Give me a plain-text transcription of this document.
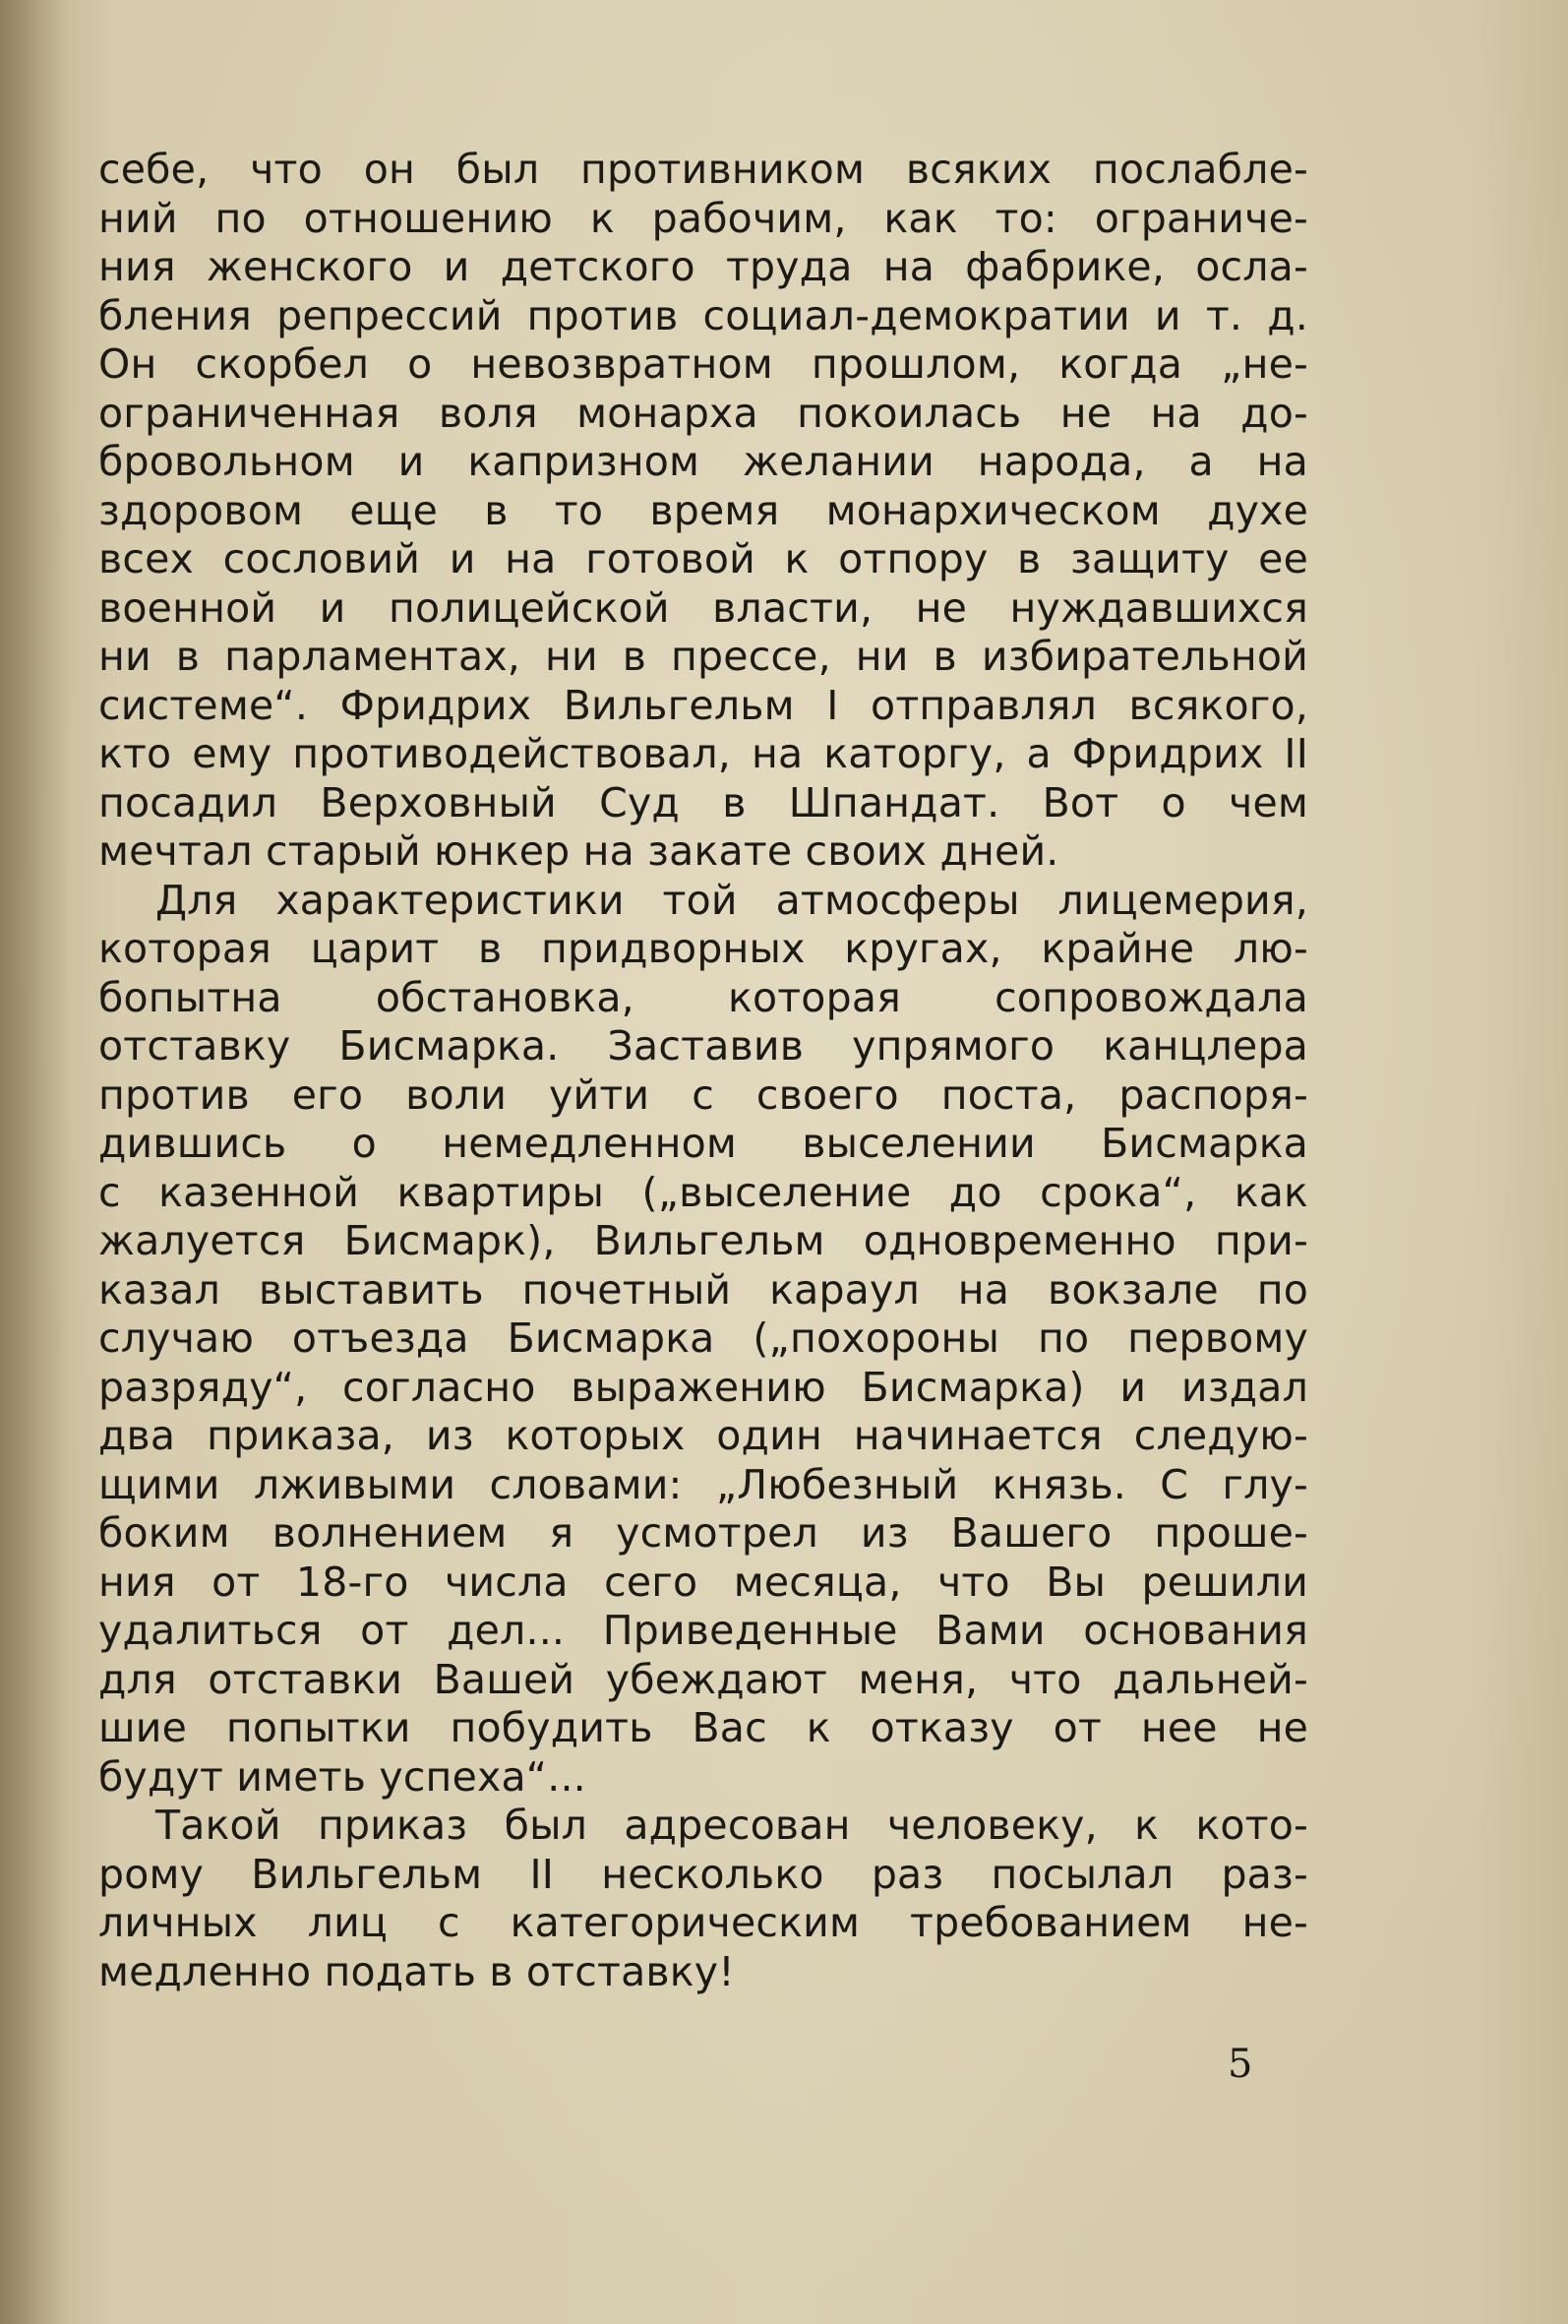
себе, что он был противником всяких послабле-
ний по отношению к рабочим, как то: ограниче-
ния женского и детского труда на фабрике, осла-
бления репрессий против социал-демократии и т. д.
Он скорбел о невозвратном прошлом, когда „не-
ограниченная воля монарха покоилась не на до-
бровольном и капризном желании народа, а на
здоровом еще в то время монархическом духе
всех сословий и на готовой к отпору в защиту ее
военной и полицейской власти, не нуждавшихся
ни в парламентах, ни в прессе, ни в избирательной
системе“. Фридрих Вильгельм I отправлял всякого,
кто ему противодействовал, на каторгу, а Фридрих II
посадил Верховный Суд в Шпандат. Вот о чем
мечтал старый юнкер на закате своих дней.
Для характеристики той атмосферы лицемерия,
которая царит в придворных кругах, крайне лю-
бопытна обстановка, которая сопровождала
отставку Бисмарка. Заставив упрямого канцлера
против его воли уйти с своего поста, распоря-
дившись о немедленном выселении Бисмарка
с казенной квартиры („выселение до срока“, как
жалуется Бисмарк), Вильгельм одновременно при-
казал выставить почетный караул на вокзале по
случаю отъезда Бисмарка („похороны по первому
разряду“, согласно выражению Бисмарка) и издал
два приказа, из которых один начинается следую-
щими лживыми словами: „Любезный князь. С глу-
боким волнением я усмотрел из Вашего проше-
ния от 18-го числа сего месяца, что Вы решили
удалиться от дел... Приведенные Вами основания
для отставки Вашей убеждают меня, что дальней-
шие попытки побудить Вас к отказу от нее не
будут иметь успеха“...
Такой приказ был адресован человеку, к кото-
рому Вильгельм II несколько раз посылал раз-
личных лиц с категорическим требованием не-
медленно подать в отставку!
5
